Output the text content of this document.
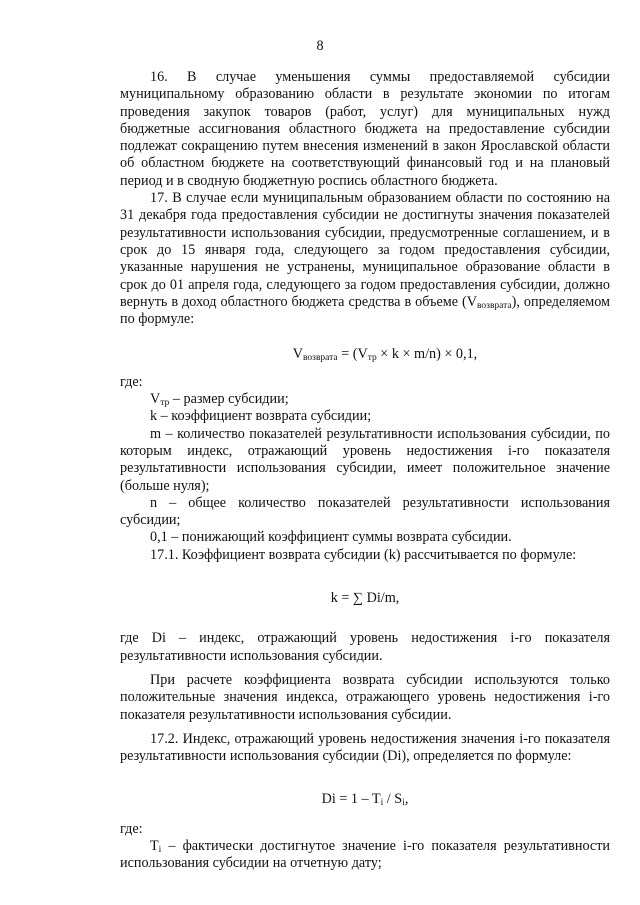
8

16. В случае уменьшения суммы предоставляемой субсидии муниципальному образованию области в результате экономии по итогам проведения закупок товаров (работ, услуг) для муниципальных нужд бюджетные ассигнования областного бюджета на предоставление субсидии подлежат сокращению путем внесения изменений в закон Ярославской области об областном бюджете на соответствующий финансовый год и на плановый период и в сводную бюджетную роспись областного бюджета.

17. В случае если муниципальным образованием области по состоянию на 31 декабря года предоставления субсидии не достигнуты значения показателей результативности использования субсидии, предусмотренные соглашением, и в срок до 15 января года, следующего за годом предоставления субсидии, указанные нарушения не устранены, муниципальное образование области в срок до 01 апреля года, следующего за годом предоставления субсидии, должно вернуть в доход областного бюджета средства в объеме $(V_{возврата})$, определяемом по формуле:

$V_{возврата} = (V_{тр} \times k \times m/n) \times 0,1$,

где:

$V_{тр}$ – размер субсидии;

k – коэффициент возврата субсидии;

m – количество показателей результативности использования субсидии, по которым индекс, отражающий уровень недостижения i-го показателя результативности использования субсидии, имеет положительное значение (больше нуля);

n – общее количество показателей результативности использования субсидии;

0,1 – понижающий коэффициент суммы возврата субсидии.

17.1. Коэффициент возврата субсидии (k) рассчитывается по формуле:

k = ∑ Di/m,

где Di – индекс, отражающий уровень недостижения i-го показателя результативности использования субсидии.

При расчете коэффициента возврата субсидии используются только положительные значения индекса, отражающего уровень недостижения i-го показателя результативности использования субсидии.

17.2. Индекс, отражающий уровень недостижения значения i-го показателя результативности использования субсидии (Di), определяется по формуле:

$Di = 1 - T_i / S_i$,

где:

$T_i$ – фактически достигнутое значение i-го показателя результативности использования субсидии на отчетную дату;
